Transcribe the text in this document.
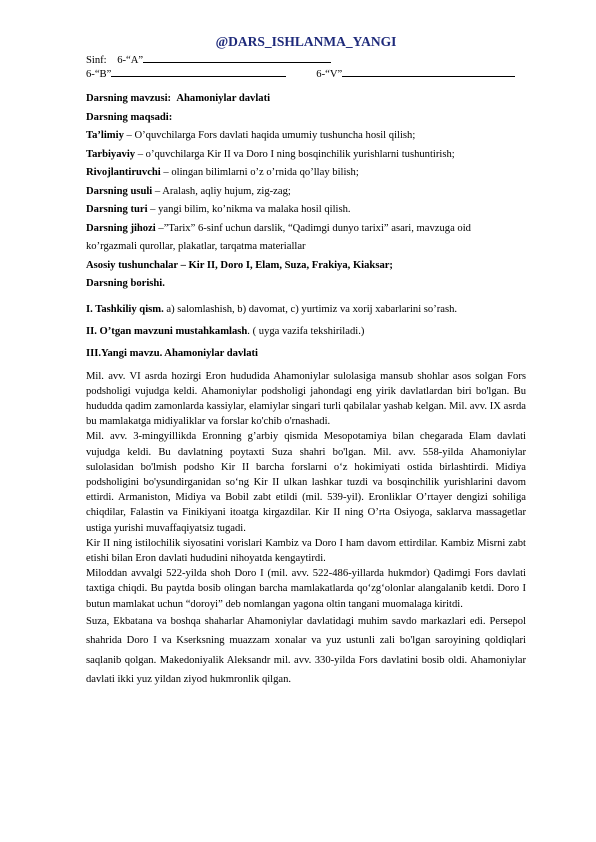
@DARS_ISHLANMA_YANGI
Sinf: 6-“A”
6-“B”	6-“V”

Darsning mavzusi: Ahamoniylar davlati

Darsning maqsadi:

Ta’limiy – O’quvchilarga Fors davlati haqida umumiy tushuncha hosil qilish;

Tarbiyaviy – o’quvchilarga Kir II va Doro I ning bosqinchilik yurishlarni tushuntirish;

Rivojlantiruvchi – olingan bilimlarni o’z o’rnida qo’llay bilish;

Darsning usuli – Aralash, aqliy hujum, zig-zag;

Darsning turi – yangi bilim, ko’nikma va malaka hosil qilish.

Darsning jihozi –”Tarix” 6-sinf uchun darslik, “Qadimgi dunyo tarixi” asari, mavzuga oid

ko’rgazmali qurollar, plakatlar, tarqatma materiallar

Asosiy tushunchalar – Kir II, Doro I, Elam, Suza, Frakiya, Kiaksar;

Darsning borishi.

I. Tashkiliy qism. a) salomlashish, b) davomat, c) yurtimiz va xorij xabarlarini so’rash.

II. O’tgan mavzuni mustahkamlash. ( uyga vazifa tekshiriladi.)

III.Yangi mavzu. Ahamoniylar davlati

Mil. avv. VI asrda hozirgi Eron hududida Ahamoniylar sulolasiga mansub shohlar asos solgan Fors podsholigi vujudga keldi. Ahamoniylar podsholigi jahondagi eng yirik davlatlardan biri bo'lgan. Bu hududda qadim zamonlarda kassiylar, elamiylar singari turli qabilalar yashab kelgan. Mil. avv. IX asrda bu mamlakatga midiyaliklar va forslar ko'chib o'rnashadi.

Mil. avv. 3-mingyillikda Eronning g’arbiy qismida Mesopotamiya bilan chegarada Elam davlati vujudga keldi. Bu davlatning poytaxti Suza shahri bo'lgan. Mil. avv. 558-yilda Ahamoniylar sulolasidan bo'lmish podsho Kir II barcha forslarni o‘z hokimiyati ostida birlashtirdi. Midiya podsholigini bo'ysundirganidan so‘ng Kir II ulkan lashkar tuzdi va bosqinchilik yurishlarini davom ettirdi. Armaniston, Midiya va Bobil zabt etildi (mil. 539-yil). Eronliklar O’rtayer dengizi sohiliga chiqdilar, Falastin va Finikiyani itoatga kirgazdilar. Kir II ning O’rta Osiyoga, saklarva massagetlar ustiga yurishi muvaffaqiyatsiz tugadi.

Kir II ning istilochilik siyosatini vorislari Kambiz va Doro I ham davom ettirdilar. Kambiz Misrni zabt etishi bilan Eron davlati hududini nihoyatda kengaytirdi.

Miloddan avvalgi 522-yilda shoh Doro I (mil. avv. 522-486-yillarda hukmdor) Qadimgi Fors davlati taxtiga chiqdi. Bu paytda bosib olingan barcha mamlakatlarda qo‘zg‘olonlar alangalanib ketdi. Doro I butun mamlakat uchun “doroyi” deb nomlangan yagona oltin tangani muomalaga kiritdi.

Suza, Ekbatana va boshqa shaharlar Ahamoniylar davlatidagi muhim savdo markazlari edi. Persepol shahrida Doro I va Kserksning muazzam xonalar va yuz ustunli zali bo'lgan saroyining qoldiqlari saqlanib qolgan. Makedoniyalik Aleksandr mil. avv. 330-yilda Fors davlatini bosib oldi. Ahamoniylar davlati ikki yuz yildan ziyod hukmronlik qilgan.
